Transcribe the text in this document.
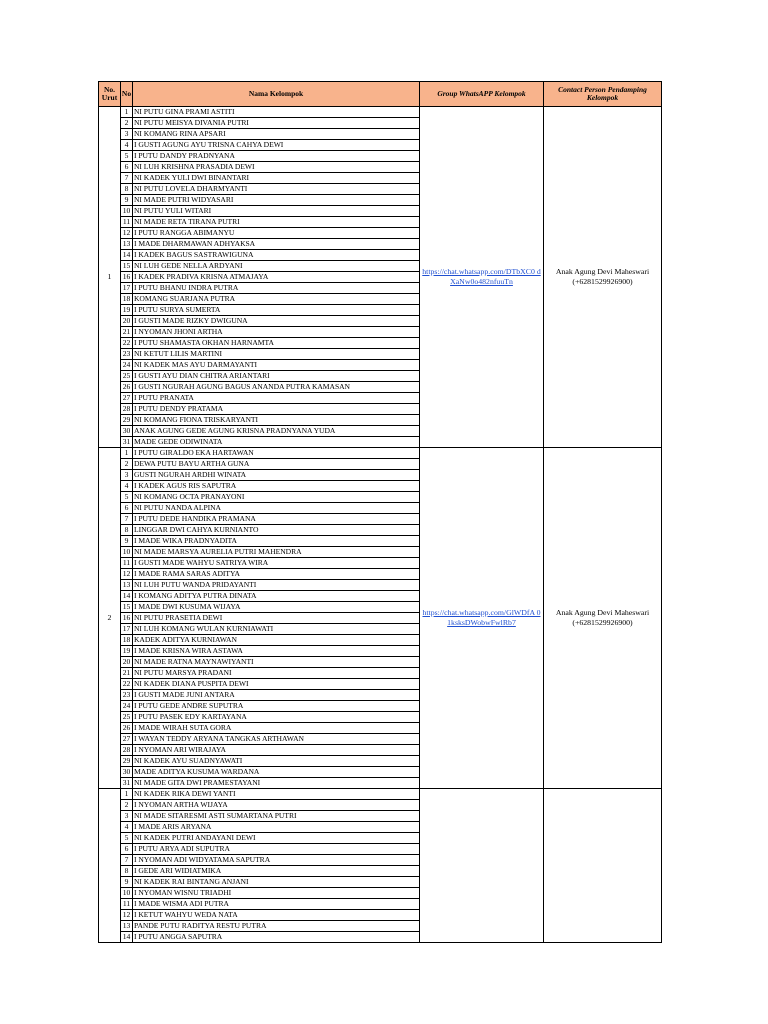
No. Urut	No	Nama Kelompok	Group WhatsAPP Kelompok	Contact Person Pendamping Kelompok
1	1	NI PUTU GINA PRAMI ASTITI	https://chat.whatsapp.com/DTbXC0 dXaNw0o482nfuuTn	Anak Agung Devi Maheswari
(+6281529926900)

	2	NI PUTU MEISYA DIVANIA PUTRI		
	3	NI KOMANG RINA APSARI		
	4	I GUSTI AGUNG AYU TRISNA CAHYA DEWI		
	5	I PUTU DANDY PRADNYANA		
	6	NI LUH KRISHNA PRASADIA DEWI		
	7	NI KADEK YULI DWI BINANTARI		
	8	NI PUTU LOVELA DHARMYANTI		
	9	NI MADE PUTRI WIDYASARI		
	10	NI PUTU YULI WITARI		
	11	NI MADE RETA TIRANA PUTRI		
	12	I PUTU RANGGA ABIMANYU		
	13	I MADE DHARMAWAN ADHYAKSA		
	14	I KADEK BAGUS SASTRAWIGUNA		
	15	NI LUH GEDE NELLA ARDYANI		
	16	I KADEK PRADIVA KRISNA ATMAJAYA		
	17	I PUTU BHANU INDRA PUTRA		
	18	KOMANG SUARJANA PUTRA		
	19	I PUTU SURYA SUMERTA		
	20	I GUSTI MADE RIZKY DWIGUNA		
	21	I NYOMAN JHONI ARTHA		
	22	I PUTU SHAMASTA OKHAN HARNAMTA		
	23	NI KETUT LILIS MARTINI		
	24	NI KADEK MAS AYU DARMAYANTI		
	25	I GUSTI AYU DIAN CHITRA ARIANTARI		
	26	I GUSTI NGURAH AGUNG BAGUS ANANDA PUTRA KAMASAN		
	27	I PUTU PRANATA		
	28	I PUTU DENDY PRATAMA		
	29	NI KOMANG FIONA TRISKARYANTI		
	30	ANAK AGUNG GEDE AGUNG KRISNA PRADNYANA YUDA		
	31	MADE GEDE ODIWINATA		
2	1	I PUTU GIRALDO EKA HARTAWAN	https://chat.whatsapp.com/GlWDfA 01ksksDWobwFwlRb7	Anak Agung Devi Maheswari
(+6281529926900)

	2	DEWA PUTU BAYU ARTHA GUNA		
	3	GUSTI NGURAH ARDHI WINATA		
	4	I KADEK AGUS RIS SAPUTRA		
	5	NI KOMANG OCTA PRANAYONI		
	6	NI PUTU NANDA ALPINA		
	7	I PUTU DEDE HANDIKA PRAMANA		
	8	LINGGAR DWI CAHYA KURNIANTO		
	9	I MADE WIKA PRADNYADITA		
	10	NI MADE MARSYA AURELIA PUTRI MAHENDRA		
	11	I GUSTI MADE WAHYU SATRIYA WIRA		
	12	I MADE RAMA SARAS ADITYA		
	13	NI LUH PUTU WANDA PRIDAYANTI		
	14	I KOMANG ADITYA PUTRA DINATA		
	15	I MADE DWI KUSUMA WIJAYA		
	16	NI PUTU PRASETIA DEWI		
	17	NI LUH KOMANG WULAN KURNIAWATI		
	18	KADEK ADITYA KURNIAWAN		
	19	I MADE KRISNA WIRA ASTAWA		
	20	NI MADE RATNA MAYNAWIYANTI		
	21	NI PUTU MARSYA PRADANI		
	22	NI KADEK DIANA PUSPITA DEWI		
	23	I GUSTI MADE JUNI ANTARA		
	24	I PUTU GEDE ANDRE SUPUTRA		
	25	I PUTU PASEK EDY KARTAYANA		
	26	I MADE WIRAH SUTA GORA		
	27	I WAYAN TEDDY ARYANA TANGKAS ARTHAWAN		
	28	I NYOMAN ARI WIRAJAYA		
	29	NI KADEK AYU SUADNYAWATI		
	30	MADE ADITYA KUSUMA WARDANA		
	31	NI MADE GITA DWI PRAMESTAYANI		
	1	NI KADEK RIKA DEWI YANTI		
	2	I NYOMAN ARTHA WIJAYA		
	3	NI MADE SITARESMI ASTI SUMARTANA PUTRI		
	4	I MADE ARIS ARYANA		
	5	NI KADEK PUTRI ANDAYANI DEWI		
	6	I PUTU ARYA ADI SUPUTRA		
	7	I NYOMAN ADI WIDYATAMA SAPUTRA		
	8	I GEDE ARI WIDIATMIKA		
	9	NI KADEK RAI BINTANG ANJANI		
	10	I NYOMAN WISNU TRIADHI		
	11	I MADE WISMA ADI PUTRA		
	12	I KETUT WAHYU WEDA NATA		
	13	PANDE PUTU RADITYA RESTU PUTRA		
	14	I PUTU ANGGA SAPUTRA		
